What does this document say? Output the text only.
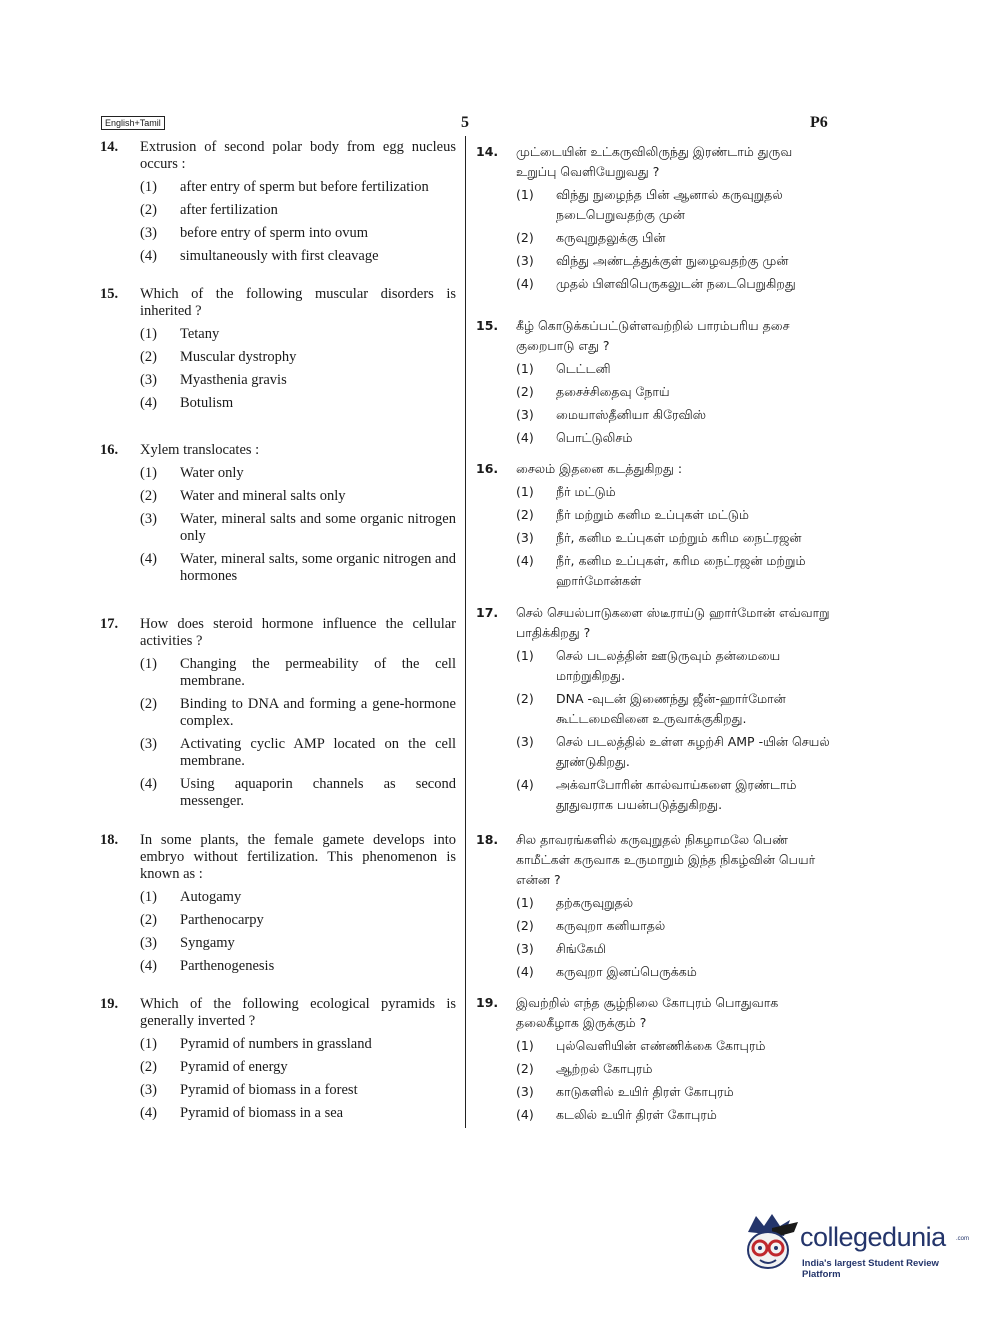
English+Tamil	5	P6
14. Extrusion of second polar body from egg nucleus occurs :
(1) after entry of sperm but before fertilization
(2) after fertilization
(3) before entry of sperm into ovum
(4) simultaneously with first cleavage
15. Which of the following muscular disorders is inherited ?
(1) Tetany
(2) Muscular dystrophy
(3) Myasthenia gravis
(4) Botulism
16. Xylem translocates :
(1) Water only
(2) Water and mineral salts only
(3) Water, mineral salts and some organic nitrogen only
(4) Water, mineral salts, some organic nitrogen and hormones
17. How does steroid hormone influence the cellular activities ?
(1) Changing the permeability of the cell membrane.
(2) Binding to DNA and forming a gene-hormone complex.
(3) Activating cyclic AMP located on the cell membrane.
(4) Using aquaporin channels as second messenger.
18. In some plants, the female gamete develops into embryo without fertilization. This phenomenon is known as :
(1) Autogamy
(2) Parthenocarpy
(3) Syngamy
(4) Parthenogenesis
19. Which of the following ecological pyramids is generally inverted ?
(1) Pyramid of numbers in grassland
(2) Pyramid of energy
(3) Pyramid of biomass in a forest
(4) Pyramid of biomass in a sea
14. முட்டையின் உட்கருவிலிருந்து இரண்டாம் துருவ உறுப்பு வெளியேறுவது ?
(1) விந்து நுழைந்த பின் ஆனால் கருவுறுதல் நடைபெறுவதற்கு முன்
(2) கருவுறுதலுக்கு பின்
(3) விந்து அண்டத்துக்குள் நுழைவதற்கு முன்
(4) முதல் பிளவிபெருகலுடன் நடைபெறுகிறது
15. கீழ் கொடுக்கப்பட்டுள்ளவற்றில் பாரம்பரிய தசை குறைபாடு எது ?
(1) டெட்டனி
(2) தசைச்சிதைவு நோய்
(3) மையாஸ்தீனியா கிரேவிஸ்
(4) பொட்டுலிசம்
16. சைலம் இதனை கடத்துகிறது :
(1) நீர் மட்டும்
(2) நீர் மற்றும் கனிம உப்புகள் மட்டும்
(3) நீர், கனிம உப்புகள் மற்றும் கரிம நைட்ரஜன்
(4) நீர், கனிம உப்புகள், கரிம நைட்ரஜன் மற்றும் ஹார்மோன்கள்
17. செல் செயல்பாடுகளை ஸ்டீராய்டு ஹார்மோன் எவ்வாறு பாதிக்கிறது ?
(1) செல் படலத்தின் ஊடுருவும் தன்மையை மாற்றுகிறது.
(2) DNA -வுடன் இணைந்து ஜீன்-ஹார்மோன் கூட்டமைவினை உருவாக்குகிறது.
(3) செல் படலத்தில் உள்ள சுழற்சி AMP -யின் செயல் தூண்டுகிறது.
(4) அக்வாபோரின் கால்வாய்களை இரண்டாம் தூதுவராக பயன்படுத்துகிறது.
18. சில தாவரங்களில் கருவுறுதல் நிகழாமலே பெண் காமீட்கள் கருவாக உருமாறும் இந்த நிகழ்வின் பெயர் என்ன ?
(1) தற்கருவுறுதல்
(2) கருவுறா கனியாதல்
(3) சிங்கேமி
(4) கருவுறா இனப்பெருக்கம்
19. இவற்றில் எந்த சூழ்நிலை கோபுரம் பொதுவாக தலைகீழாக இருக்கும் ?
(1) புல்வெளியின் எண்ணிக்கை கோபுரம்
(2) ஆற்றல் கோபுரம்
(3) காடுகளில் உயிர் திரள் கோபுரம்
(4) கடலில் உயிர் திரள் கோபுரம்
collegedunia .com
India's largest Student Review Platform
